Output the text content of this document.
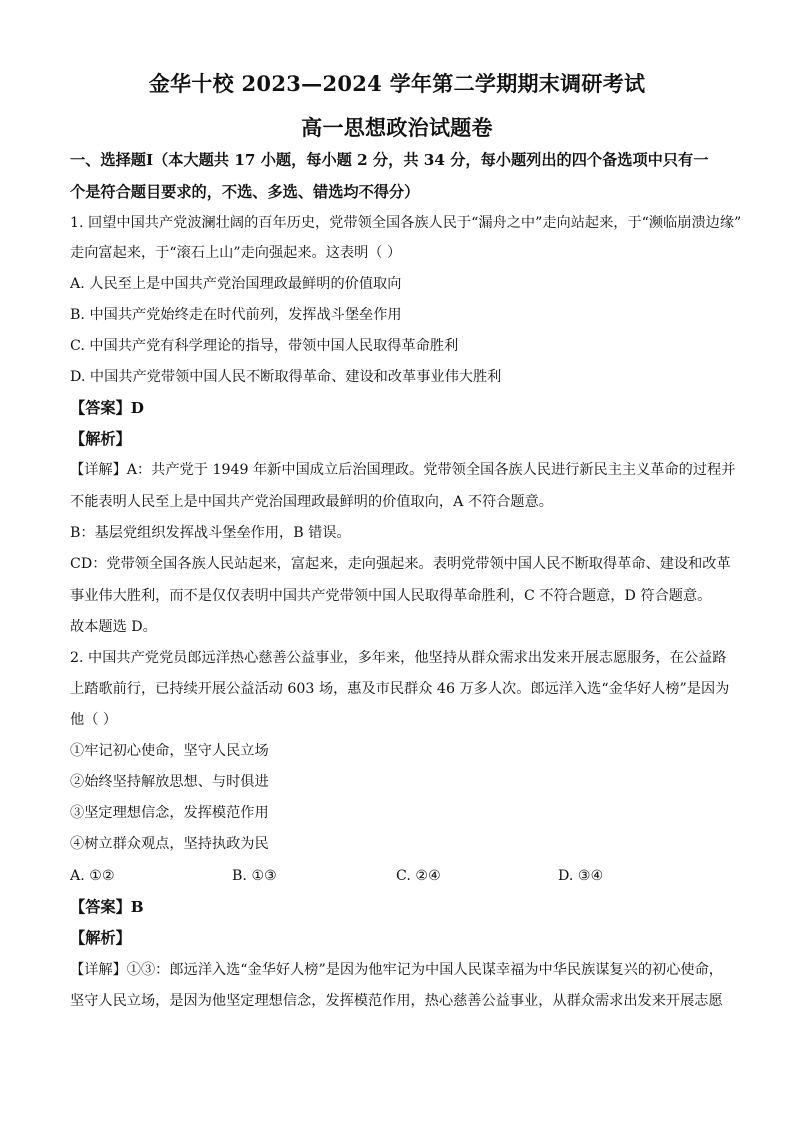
金华十校 2023—2024 学年第二学期期末调研考试
高一思想政治试题卷
一、选择题Ⅰ（本大题共 17 小题，每小题 2 分，共 34 分，每小题列出的四个备选项中只有一
个是符合题目要求的，不选、多选、错选均不得分）
1. 回望中国共产党波澜壮阔的百年历史，党带领全国各族人民于“漏舟之中”走向站起来，于“濒临崩溃边缘”
走向富起来，于“滚石上山”走向强起来。这表明（ ）
A. 人民至上是中国共产党治国理政最鲜明的价值取向
B. 中国共产党始终走在时代前列，发挥战斗堡垒作用
C. 中国共产党有科学理论的指导，带领中国人民取得革命胜利
D. 中国共产党带领中国人民不断取得革命、建设和改革事业伟大胜利
【答案】D
【解析】
【详解】A：共产党于 1949 年新中国成立后治国理政。党带领全国各族人民进行新民主主义革命的过程并
不能表明人民至上是中国共产党治国理政最鲜明的价值取向，A 不符合题意。
B：基层党组织发挥战斗堡垒作用，B 错误。
CD：党带领全国各族人民站起来，富起来，走向强起来。表明党带领中国人民不断取得革命、建设和改革
事业伟大胜利，而不是仅仅表明中国共产党带领中国人民取得革命胜利，C 不符合题意，D 符合题意。
故本题选 D。
2. 中国共产党党员郎远洋热心慈善公益事业，多年来，他坚持从群众需求出发来开展志愿服务，在公益路
上踏歌前行，已持续开展公益活动 603 场，惠及市民群众 46 万多人次。郎远洋入选“金华好人榜”是因为
他（ ）
①牢记初心使命，坚守人民立场
②始终坚持解放思想、与时俱进
③坚定理想信念，发挥模范作用
④树立群众观点，坚持执政为民
A. ①②	B. ①③	C. ②④	D. ③④
【答案】B
【解析】
【详解】①③：郎远洋入选“金华好人榜”是因为他牢记为中国人民谋幸福为中华民族谋复兴的初心使命，
坚守人民立场，是因为他坚定理想信念，发挥模范作用，热心慈善公益事业，从群众需求出发来开展志愿
